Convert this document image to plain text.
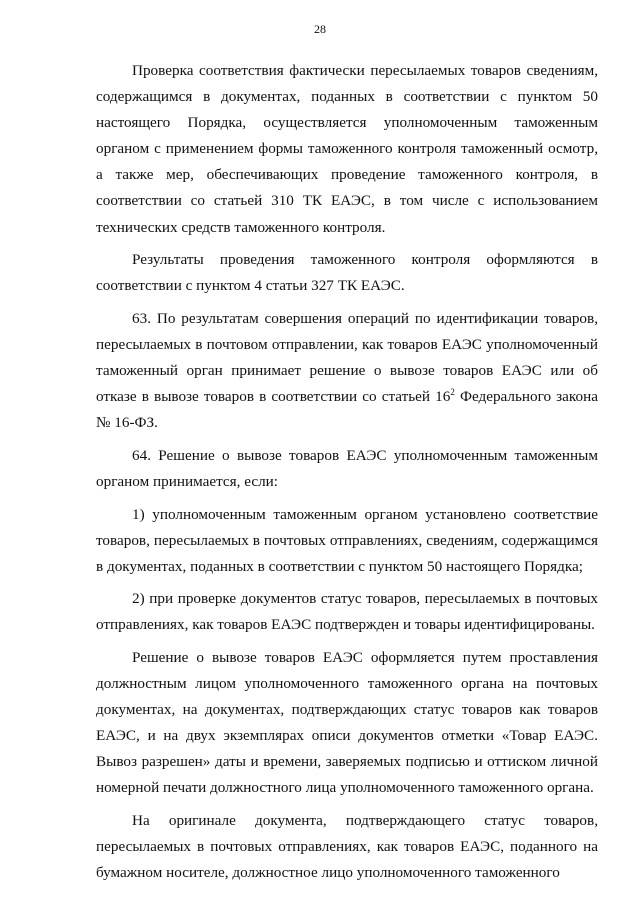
28

Проверка соответствия фактически пересылаемых товаров сведениям, содержащимся в документах, поданных в соответствии с пунктом 50 настоящего Порядка, осуществляется уполномоченным таможенным органом с применением формы таможенного контроля таможенный осмотр, а также мер, обеспечивающих проведение таможенного контроля, в соответствии со статьей 310 ТК ЕАЭС, в том числе с использованием технических средств таможенного контроля.

Результаты проведения таможенного контроля оформляются в соответствии с пунктом 4 статьи 327 ТК ЕАЭС.

63. По результатам совершения операций по идентификации товаров, пересылаемых в почтовом отправлении, как товаров ЕАЭС уполномоченный таможенный орган принимает решение о вывозе товаров ЕАЭС или об отказе в вывозе товаров в соответствии со статьей $16^2$ Федерального закона № 16-ФЗ.

64. Решение о вывозе товаров ЕАЭС уполномоченным таможенным органом принимается, если:

1) уполномоченным таможенным органом установлено соответствие товаров, пересылаемых в почтовых отправлениях, сведениям, содержащимся в документах, поданных в соответствии с пунктом 50 настоящего Порядка;

2) при проверке документов статус товаров, пересылаемых в почтовых отправлениях, как товаров ЕАЭС подтвержден и товары идентифицированы.

Решение о вывозе товаров ЕАЭС оформляется путем проставления должностным лицом уполномоченного таможенного органа на почтовых документах, на документах, подтверждающих статус товаров как товаров ЕАЭС, и на двух экземплярах описи документов отметки «Товар ЕАЭС. Вывоз разрешен» даты и времени, заверяемых подписью и оттиском личной номерной печати должностного лица уполномоченного таможенного органа.

На оригинале документа, подтверждающего статус товаров, пересылаемых в почтовых отправлениях, как товаров ЕАЭС, поданного на бумажном носителе, должностное лицо уполномоченного таможенного
